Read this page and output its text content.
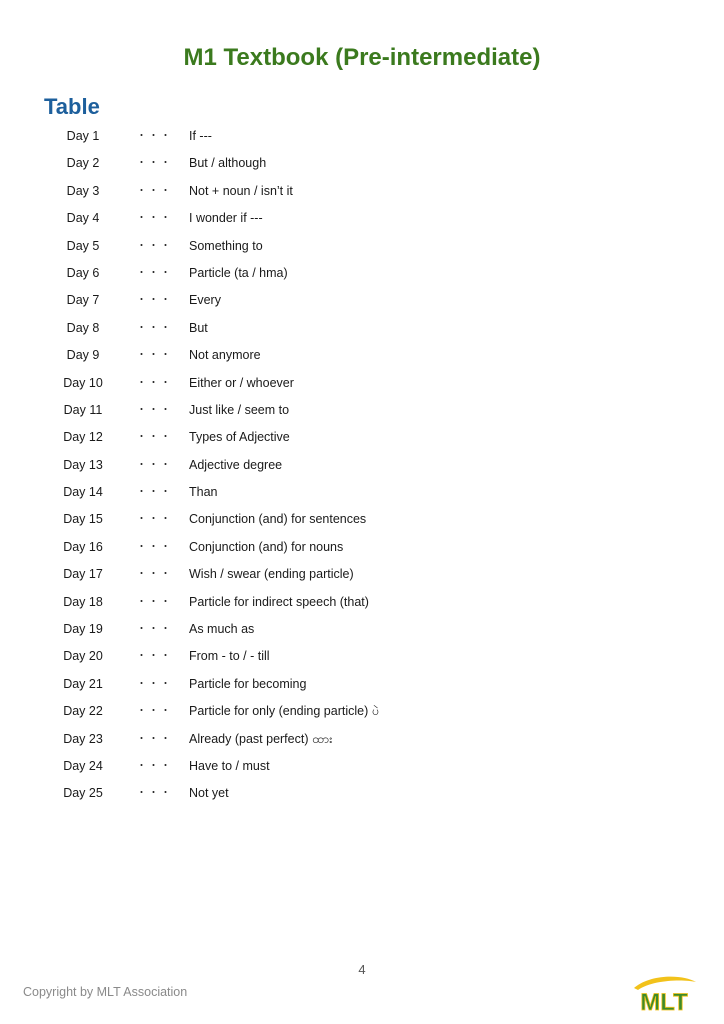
M1 Textbook (Pre-intermediate)
Table
Day 1	・・・ If ---
Day 2	・・・ But / although
Day 3	・・・ Not + noun / isn’t it
Day 4	・・・ I wonder if ---
Day 5	・・・ Something to
Day 6	・・・ Particle (ta / hma)
Day 7	・・・ Every
Day 8	・・・ But
Day 9	・・・ Not anymore
Day 10	・・・ Either or / whoever
Day 11	・・・ Just like / seem to
Day 12	・・・ Types of Adjective
Day 13	・・・ Adjective degree
Day 14	・・・ Than
Day 15	・・・ Conjunction (and) for sentences
Day 16	・・・ Conjunction (and) for nouns
Day 17	・・・ Wish / swear (ending particle)
Day 18	・・・ Particle for indirect speech (that)
Day 19	・・・ As much as
Day 20	・・・ From - to / - till
Day 21	・・・ Particle for becoming
Day 22	・・・ Particle for only (ending particle) ပဲ
Day 23	・・・ Already (past perfect) ထား
Day 24	・・・ Have to / must
Day 25	・・・ Not yet
4
Copyright by MLT Association	MLT
